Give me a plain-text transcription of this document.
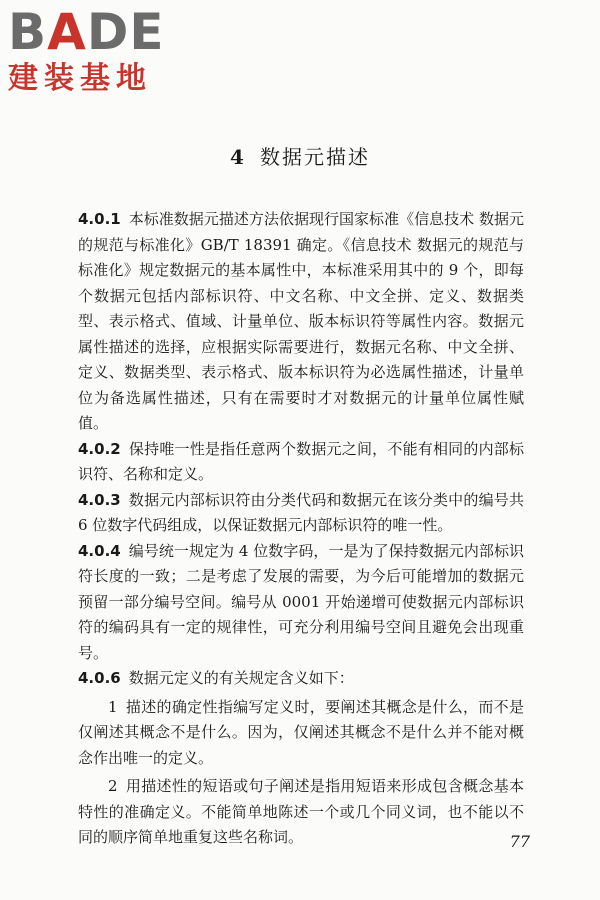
BADE
建装基地
4 数据元描述

4.0.1 本标准数据元描述方法依据现行国家标准《信息技术 数据元的规范与标准化》GB/T 18391 确定。《信息技术 数据元的规范与标准化》规定数据元的基本属性中，本标准采用其中的 9 个，即每个数据元包括内部标识符、中文名称、中文全拼、定义、数据类型、表示格式、值域、计量单位、版本标识符等属性内容。数据元属性描述的选择，应根据实际需要进行，数据元名称、中文全拼、定义、数据类型、表示格式、版本标识符为必选属性描述，计量单位为备选属性描述，只有在需要时才对数据元的计量单位属性赋值。

4.0.2 保持唯一性是指任意两个数据元之间，不能有相同的内部标识符、名称和定义。

4.0.3 数据元内部标识符由分类代码和数据元在该分类中的编号共 6 位数字代码组成，以保证数据元内部标识符的唯一性。

4.0.4 编号统一规定为 4 位数字码，一是为了保持数据元内部标识符长度的一致；二是考虑了发展的需要，为今后可能增加的数据元预留一部分编号空间。编号从 0001 开始递增可使数据元内部标识符的编码具有一定的规律性，可充分利用编号空间且避免会出现重号。

4.0.6 数据元定义的有关规定含义如下：

1 描述的确定性指编写定义时，要阐述其概念是什么，而不是仅阐述其概念不是什么。因为，仅阐述其概念不是什么并不能对概念作出唯一的定义。

2 用描述性的短语或句子阐述是指用短语来形成包含概念基本特性的准确定义。不能简单地陈述一个或几个同义词，也不能以不同的顺序简单地重复这些名称词。	77
